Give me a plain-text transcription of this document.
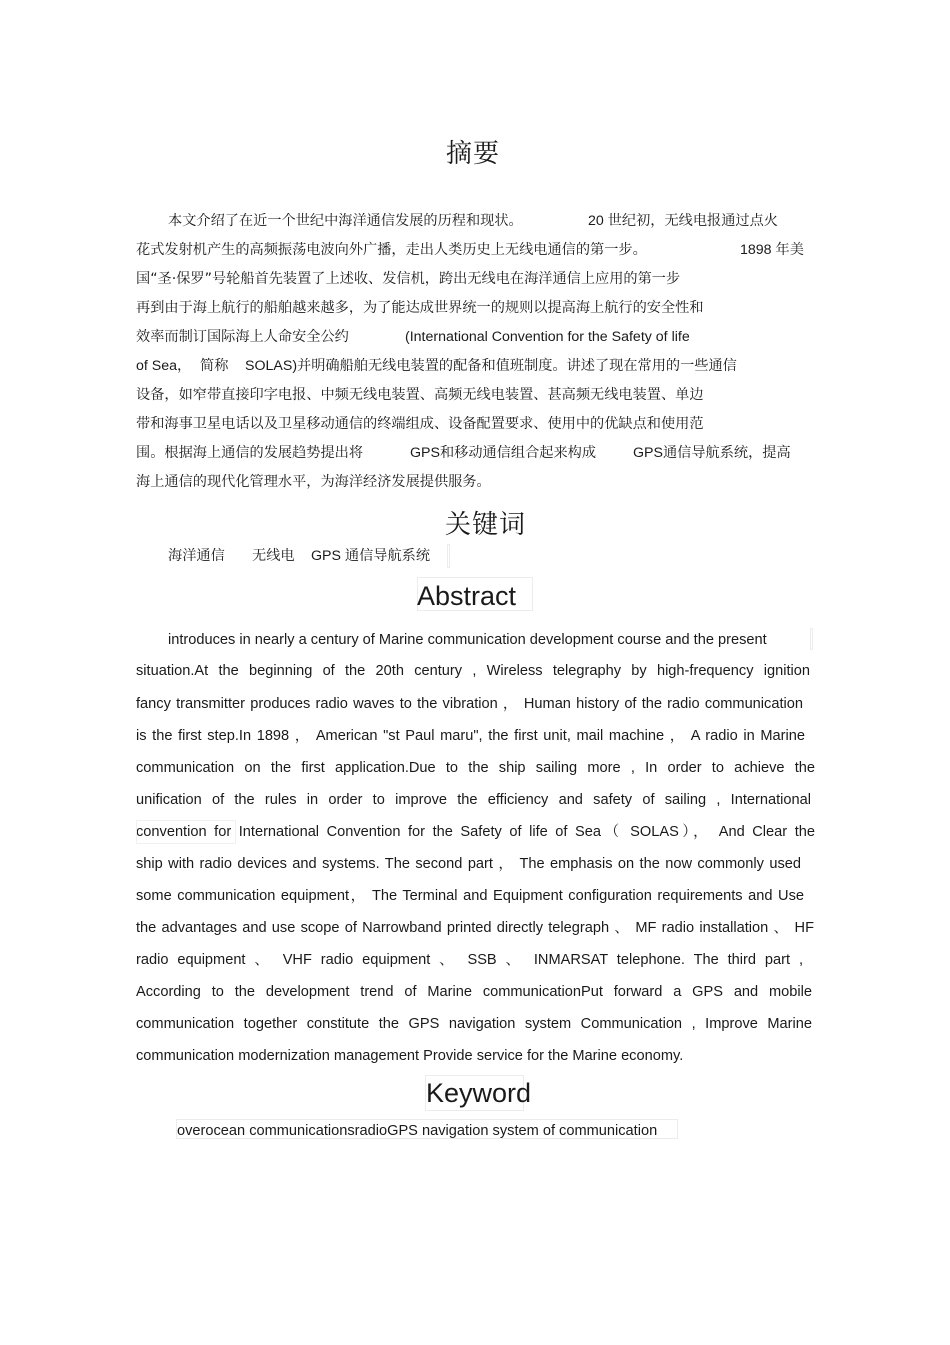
摘要
本文介绍了在近一个世纪中海洋通信发展的历程和现状。	20 世纪初，无线电报通过点火
花式发射机产生的高频振荡电波向外广播，走出人类历史上无线电通信的第一步。	1898 年美
国“圣·保罗”号轮船首先装置了上述收、发信机，跨出无线电在海洋通信上应用的第一步
再到由于海上航行的船舶越来越多，为了能达成世界统一的规则以提高海上航行的安全性和
效率而制订国际海上人命安全公约	(International Convention for the Safety of life
of Sea， 简称 SOLAS)并明确船舶无线电装置的配备和值班制度。讲述了现在常用的一些通信
设备，如窄带直接印字电报、中频无线电装置、高频无线电装置、甚高频无线电装置、单边
带和海事卫星电话以及卫星移动通信的终端组成、设备配置要求、使用中的优缺点和使用范
围。根据海上通信的发展趋势提出将	GPS和移动通信组合起来构成	GPS通信导航系统，提高
海上通信的现代化管理水平，为海洋经济发展提供服务。
关键词
海洋通信 无线电 GPS 通信导航系统
Abstract
introduces in nearly a century of Marine communication development course and the present
situation.At the beginning of the 20th century , Wireless telegraphy by high-frequency ignition
fancy transmitter produces radio waves to the vibration ， Human history of the radio communication
is the first step.In 1898 ， American "st Paul maru", the first unit, mail machine ， A radio in Marine
communication on the first application.Due to the ship sailing more , In order to achieve the
unification of the rules in order to improve the efficiency and safety of sailing , International
convention for International Convention for the Safety of life of Sea（ SOLAS）， And Clear the
ship with radio devices and systems. The second part ， The emphasis on the now commonly used
some communication equipment， The Terminal and Equipment configuration requirements and Use
the advantages and use scope of Narrowband printed directly telegraph 、 MF radio installation 、 HF
radio equipment 、 VHF radio equipment 、 SSB 、 INMARSAT telephone. The third part ,
According to the development trend of Marine communicationPut forward a GPS and mobile
communication together constitute the GPS navigation system Communication , Improve Marine
communication modernization management Provide service for the Marine economy.
Keyword
overocean communicationsradioGPS navigation system of communication
